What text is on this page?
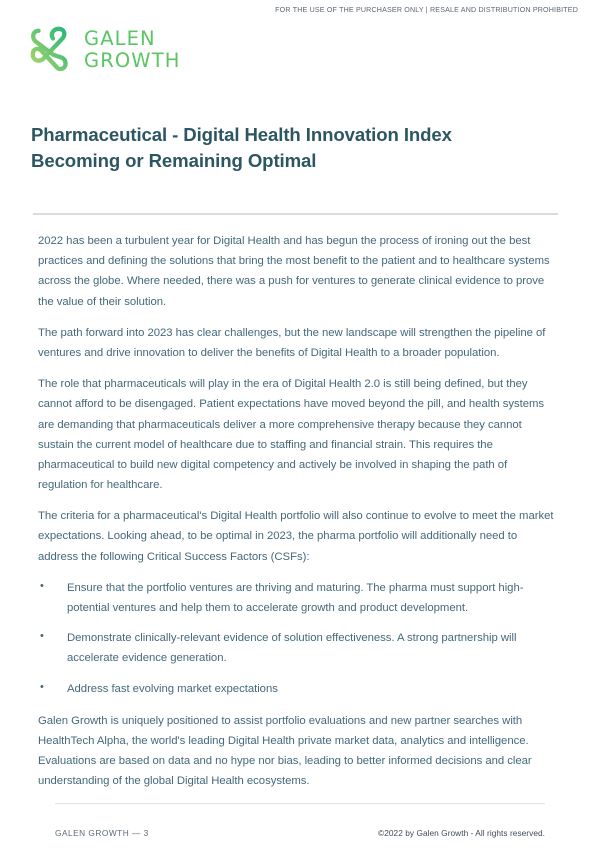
FOR THE USE OF THE PURCHASER ONLY | RESALE AND DISTRIBUTION PROHIBITED
GALEN
GROWTH
Pharmaceutical - Digital Health Innovation Index
Becoming or Remaining Optimal

2022 has been a turbulent year for Digital Health and has begun the process of ironing out the best practices and defining the solutions that bring the most benefit to the patient and to healthcare systems across the globe. Where needed, there was a push for ventures to generate clinical evidence to prove the value of their solution.

The path forward into 2023 has clear challenges, but the new landscape will strengthen the pipeline of ventures and drive innovation to deliver the benefits of Digital Health to a broader population.

The role that pharmaceuticals will play in the era of Digital Health 2.0 is still being defined, but they cannot afford to be disengaged. Patient expectations have moved beyond the pill, and health systems are demanding that pharmaceuticals deliver a more comprehensive therapy because they cannot sustain the current model of healthcare due to staffing and financial strain. This requires the pharmaceutical to build new digital competency and actively be involved in shaping the path of regulation for healthcare.

The criteria for a pharmaceutical's Digital Health portfolio will also continue to evolve to meet the market expectations. Looking ahead, to be optimal in 2023, the pharma portfolio will additionally need to address the following Critical Success Factors (CSFs):

• Ensure that the portfolio ventures are thriving and maturing. The pharma must support high-potential ventures and help them to accelerate growth and product development.
• Demonstrate clinically-relevant evidence of solution effectiveness. A strong partnership will accelerate evidence generation.
• Address fast evolving market expectations

Galen Growth is uniquely positioned to assist portfolio evaluations and new partner searches with HealthTech Alpha, the world's leading Digital Health private market data, analytics and intelligence. Evaluations are based on data and no hype nor bias, leading to better informed decisions and clear understanding of the global Digital Health ecosystems.

GALEN GROWTH — 3	©2022 by Galen Growth - All rights reserved.
